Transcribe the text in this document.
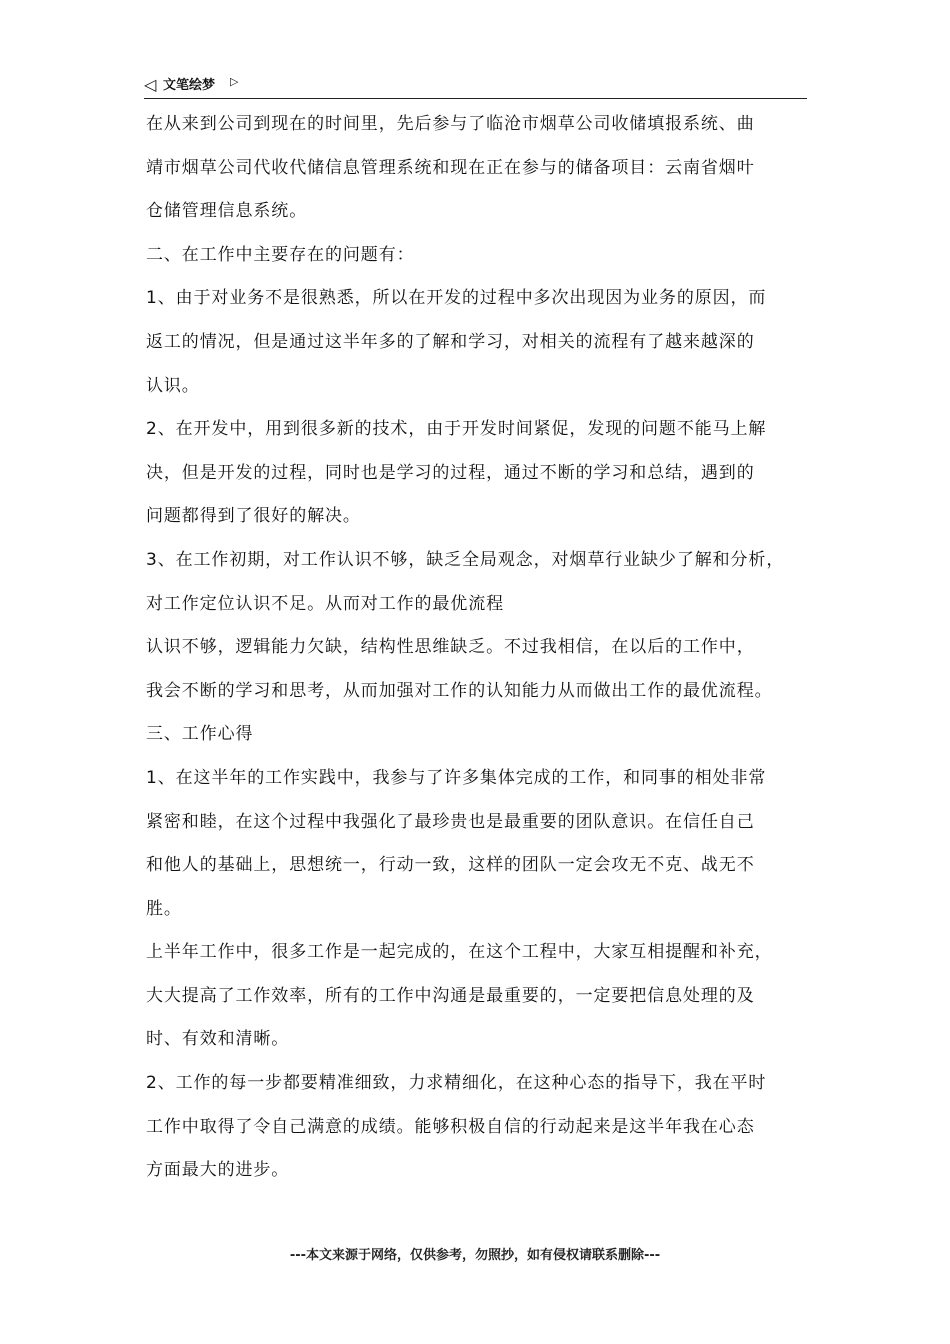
◁ 文笔绘梦 ▷
在从来到公司到现在的时间里，先后参与了临沧市烟草公司收储填报系统、曲
靖市烟草公司代收代储信息管理系统和现在正在参与的储备项目：云南省烟叶
仓储管理信息系统。
二、在工作中主要存在的问题有：
1、由于对业务不是很熟悉，所以在开发的过程中多次出现因为业务的原因，而
返工的情况，但是通过这半年多的了解和学习，对相关的流程有了越来越深的
认识。
2、在开发中，用到很多新的技术，由于开发时间紧促，发现的问题不能马上解
决，但是开发的过程，同时也是学习的过程，通过不断的学习和总结，遇到的
问题都得到了很好的解决。
3、在工作初期，对工作认识不够，缺乏全局观念，对烟草行业缺少了解和分析，
对工作定位认识不足。从而对工作的最优流程
认识不够，逻辑能力欠缺，结构性思维缺乏。不过我相信，在以后的工作中，
我会不断的学习和思考，从而加强对工作的认知能力从而做出工作的最优流程。
三、工作心得
1、在这半年的工作实践中，我参与了许多集体完成的工作，和同事的相处非常
紧密和睦，在这个过程中我强化了最珍贵也是最重要的团队意识。在信任自己
和他人的基础上，思想统一，行动一致，这样的团队一定会攻无不克、战无不
胜。
上半年工作中，很多工作是一起完成的，在这个工程中，大家互相提醒和补充，
大大提高了工作效率，所有的工作中沟通是最重要的，一定要把信息处理的及
时、有效和清晰。
2、工作的每一步都要精准细致，力求精细化，在这种心态的指导下，我在平时
工作中取得了令自己满意的成绩。能够积极自信的行动起来是这半年我在心态
方面最大的进步。
---本文来源于网络，仅供参考，勿照抄，如有侵权请联系删除---
